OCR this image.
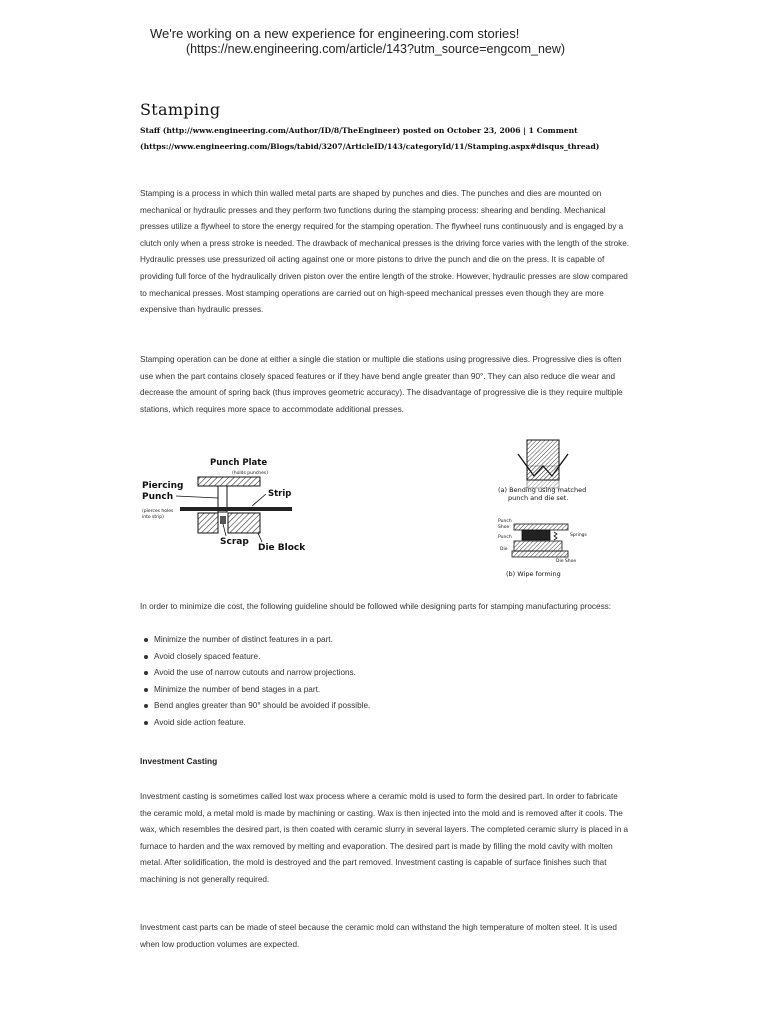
We're working on a new experience for engineering.com stories!
(https://new.engineering.com/article/143?utm_source=engcom_new)
Stamping
Staff (http://www.engineering.com/Author/ID/8/TheEngineer) posted on October 23, 2006 | 1 Comment
(https://www.engineering.com/Blogs/tabid/3207/ArticleID/143/categoryId/11/Stamping.aspx#disqus_thread)

Stamping is a process in which thin walled metal parts are shaped by punches and dies. The punches and dies are mounted on mechanical or hydraulic presses and they perform two functions during the stamping process: shearing and bending. Mechanical presses utilize a flywheel to store the energy required for the stamping operation. The flywheel runs continuously and is engaged by a clutch only when a press stroke is needed. The drawback of mechanical presses is the driving force varies with the length of the stroke. Hydraulic presses use pressurized oil acting against one or more pistons to drive the punch and die on the press. It is capable of providing full force of the hydraulically driven piston over the entire length of the stroke. However, hydraulic presses are slow compared to mechanical presses. Most stamping operations are carried out on high-speed mechanical presses even though they are more expensive than hydraulic presses.

Stamping operation can be done at either a single die station or multiple die stations using progressive dies. Progressive dies is often use when the part contains closely spaced features or if they have bend angle greater than 90°. They can also reduce die wear and decrease the amount of spring back (thus improves geometric accuracy). The disadvantage of progressive die is they require multiple stations, which requires more space to accommodate additional presses.

Punch Plate
(holds punches)
Piercing
Punch	Strip
(pierces holes
into strip)
Scrap
Die Block
(a) Bending using matched
punch and die set.
Punch
Shoe
Springs
Punch
Die
Die Shoe
(b) Wipe forming

In order to minimize die cost, the following guideline should be followed while designing parts for stamping manufacturing process:

Minimize the number of distinct features in a part.
Avoid closely spaced feature.
Avoid the use of narrow cutouts and narrow projections.
Minimize the number of bend stages in a part.
Bend angles greater than 90° should be avoided if possible.
Avoid side action feature.
Investment Casting

Investment casting is sometimes called lost wax process where a ceramic mold is used to form the desired part. In order to fabricate the ceramic mold, a metal mold is made by machining or casting. Wax is then injected into the mold and is removed after it cools. The wax, which resembles the desired part, is then coated with ceramic slurry in several layers. The completed ceramic slurry is placed in a furnace to harden and the wax removed by melting and evaporation. The desired part is made by filling the mold cavity with molten metal. After solidification, the mold is destroyed and the part removed. Investment casting is capable of surface finishes such that machining is not generally required.

Investment cast parts can be made of steel because the ceramic mold can withstand the high temperature of molten steel. It is used when low production volumes are expected.
